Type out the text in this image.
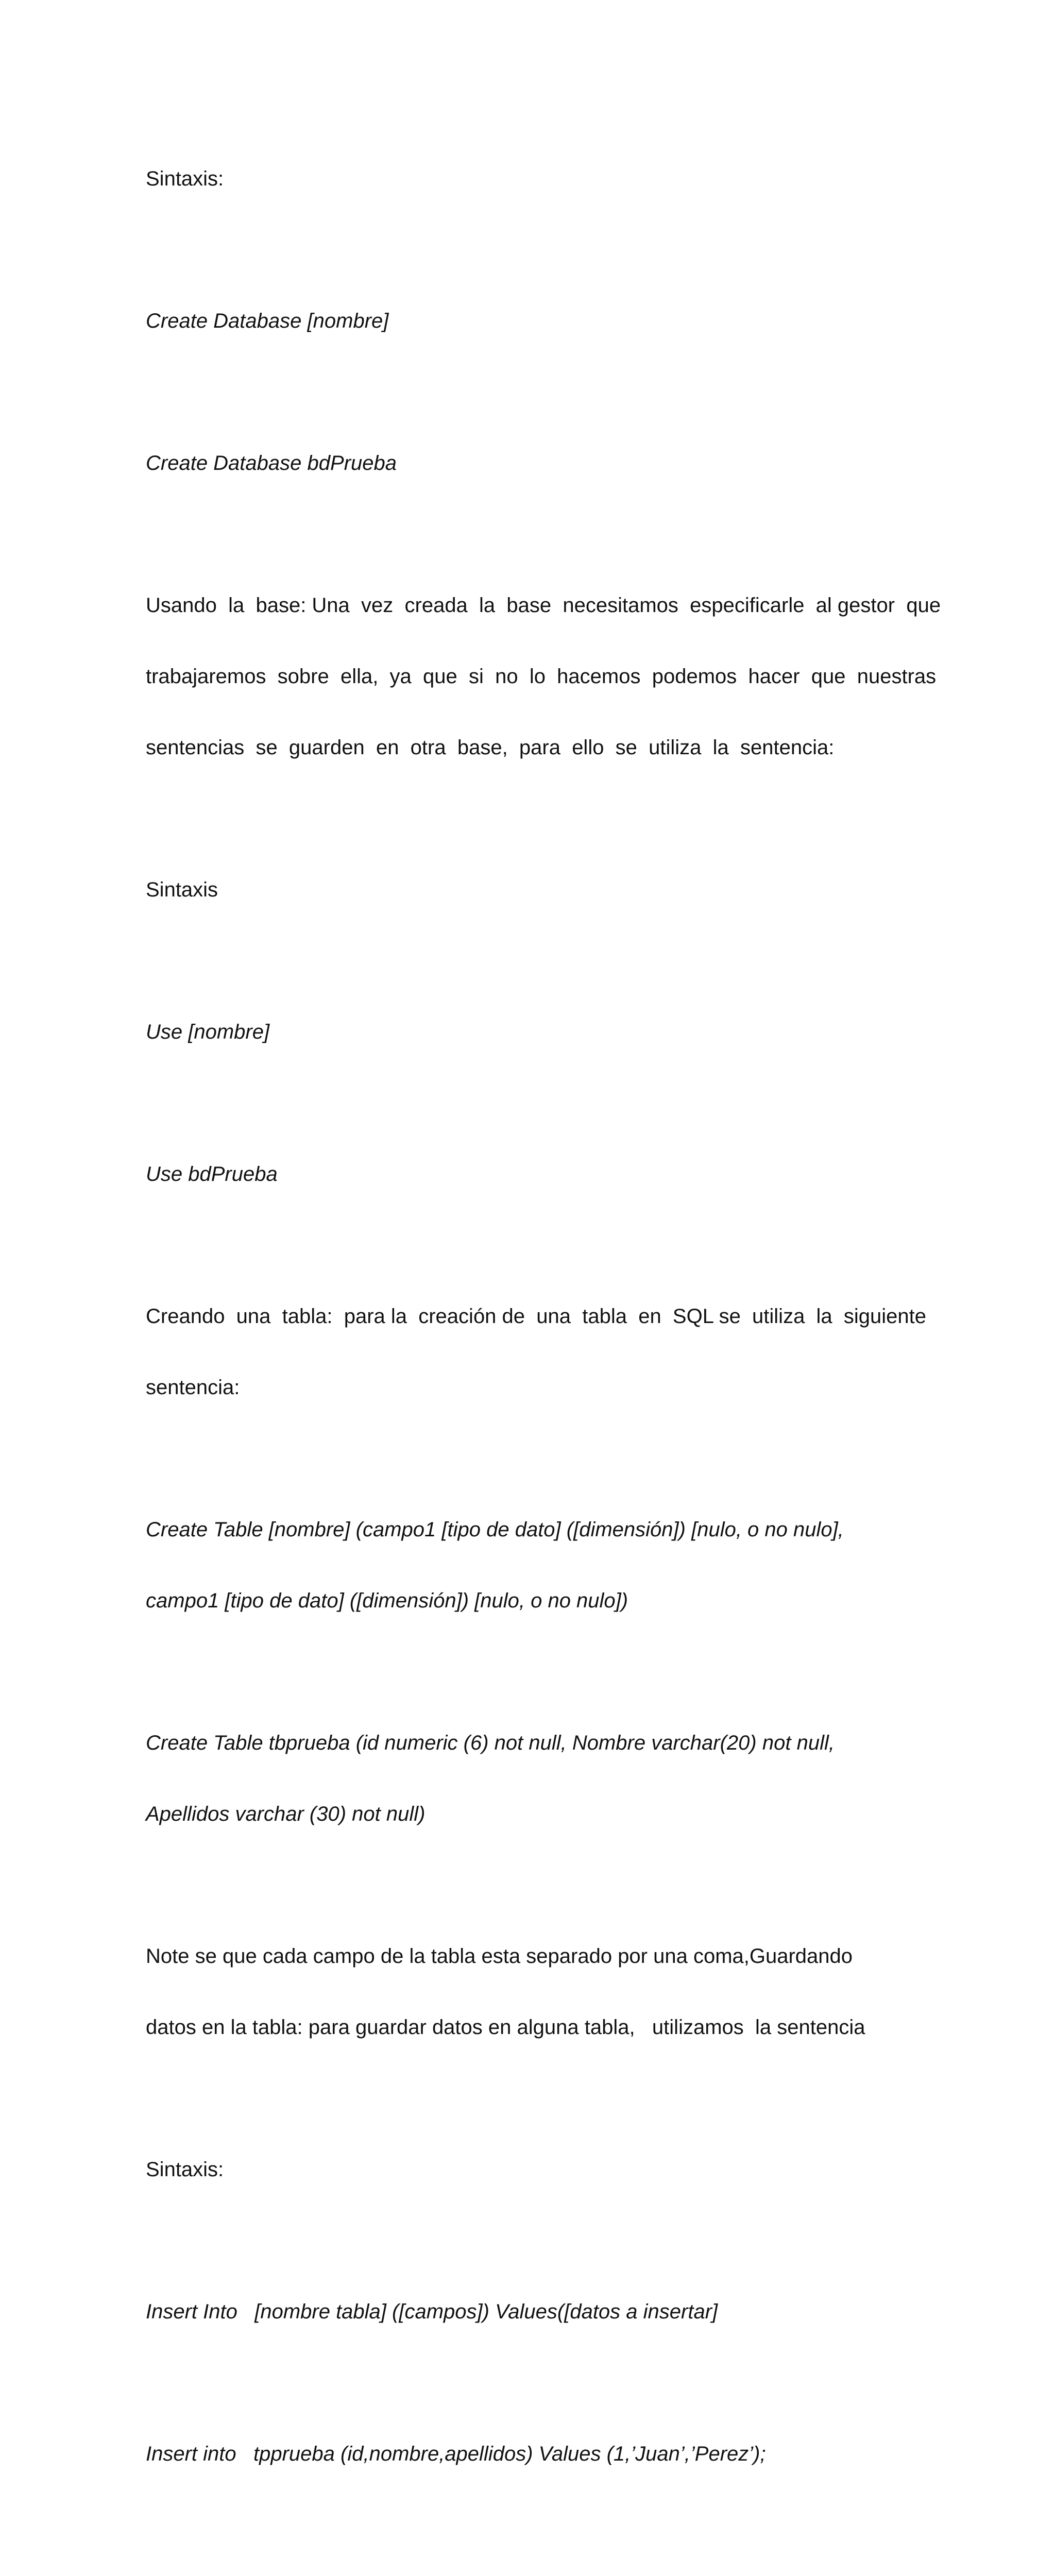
Sintaxis:

Create Database [nombre]

Create Database bdPrueba

Usando  la  base: Una  vez  creada  la  base  necesitamos  especificarle  al gestor  que

trabajaremos  sobre  ella,  ya  que  si  no  lo  hacemos  podemos  hacer  que  nuestras

sentencias  se  guarden  en  otra  base,  para  ello  se  utiliza  la  sentencia:

Sintaxis

Use [nombre]

Use bdPrueba

Creando  una  tabla:  para la  creación de  una  tabla  en  SQL se  utiliza  la  siguiente

sentencia:

Create Table [nombre] (campo1 [tipo de dato] ([dimensión]) [nulo, o no nulo],

campo1 [tipo de dato] ([dimensión]) [nulo, o no nulo])

Create Table tbprueba (id numeric (6) not null, Nombre varchar(20) not null,

Apellidos varchar (30) not null)

Note se que cada campo de la tabla esta separado por una coma,Guardando

datos en la tabla: para guardar datos en alguna tabla,   utilizamos  la sentencia

Sintaxis:

Insert Into   [nombre tabla] ([campos]) Values([datos a insertar]

Insert into   tpprueba (id,nombre,apellidos) Values (1,’Juan’,’Perez’);
